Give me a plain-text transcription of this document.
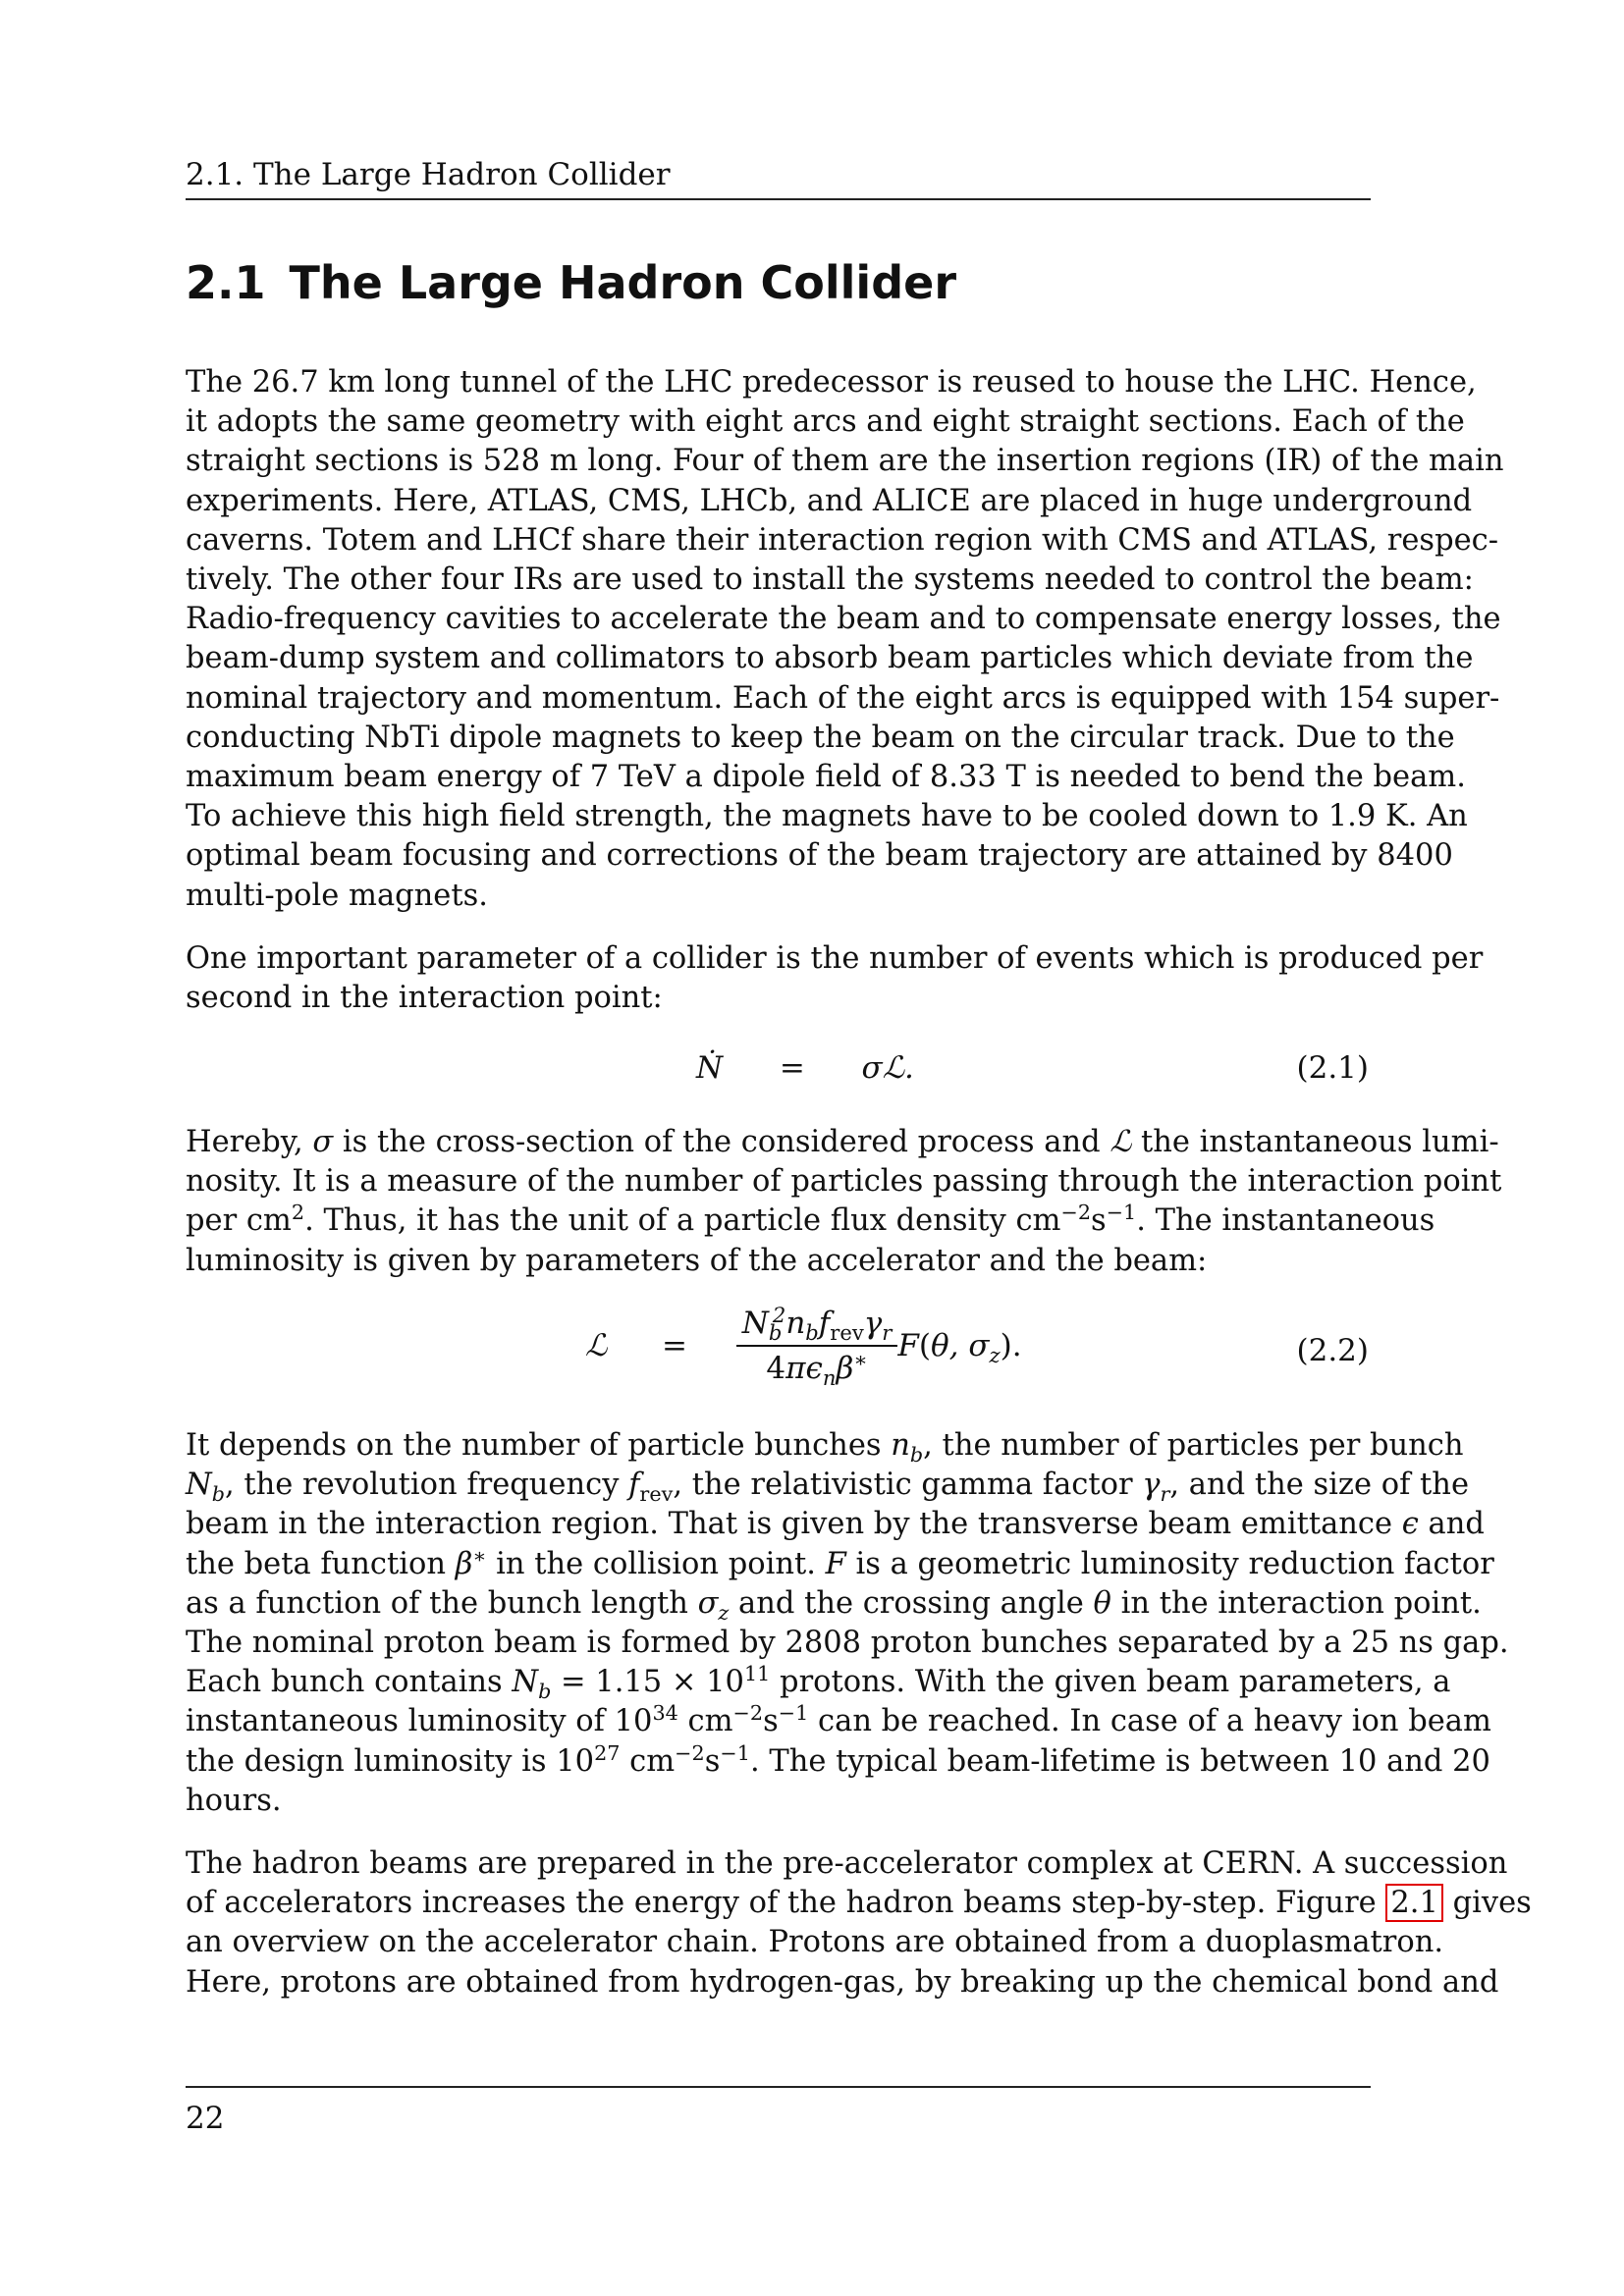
2.1. The Large Hadron Collider
2.1 The Large Hadron Collider
The 26.7 km long tunnel of the LHC predecessor is reused to house the LHC. Hence,
it adopts the same geometry with eight arcs and eight straight sections. Each of the
straight sections is 528 m long. Four of them are the insertion regions (IR) of the main
experiments. Here, ATLAS, CMS, LHCb, and ALICE are placed in huge underground
caverns. Totem and LHCf share their interaction region with CMS and ATLAS, respec-
tively. The other four IRs are used to install the systems needed to control the beam:
Radio-frequency cavities to accelerate the beam and to compensate energy losses, the
beam-dump system and collimators to absorb beam particles which deviate from the
nominal trajectory and momentum. Each of the eight arcs is equipped with 154 super-
conducting NbTi dipole magnets to keep the beam on the circular track. Due to the
maximum beam energy of 7 TeV a dipole field of 8.33 T is needed to bend the beam.
To achieve this high field strength, the magnets have to be cooled down to 1.9 K. An
optimal beam focusing and corrections of the beam trajectory are attained by 8400
multi-pole magnets.
One important parameter of a collider is the number of events which is produced per
second in the interaction point:
Ṅ = σℒ.	(2.1)
Hereby, σ is the cross-section of the considered process and ℒ the instantaneous lumi-
nosity. It is a measure of the number of particles passing through the interaction point
per $cm^2$. Thus, it has the unit of a particle flux density $cm^{-2}s^{-1}$. The instantaneous
luminosity is given by parameters of the accelerator and the beam:
ℒ = $\frac{N_b^2n_bf_{rev}\gamma_r}{4\pi\epsilon_n\beta^∗} F(\theta$, $\sigma_z$).	(2.2)
It depends on the number of particle bunches $n_b$, the number of particles per bunch
$N_b$, the revolution frequency $f_{rev}$, the relativistic gamma factor $\gamma_r$, and the size of the
beam in the interaction region. That is given by the transverse beam emittance ϵ and
the beta function β∗ in the collision point. F is a geometric luminosity reduction factor
as a function of the bunch length $\sigma_z$ and the crossing angle θ in the interaction point.
The nominal proton beam is formed by 2808 proton bunches separated by a 25 ns gap.
Each bunch contains $N_b = 1.15 \times 10^{11}$ protons. With the given beam parameters, a
instantaneous luminosity of $10^{34}$ $cm^{-2}s^{-1}$ can be reached. In case of a heavy ion beam
the design luminosity is $10^{27}$ $cm^{-2}s^{-1}$. The typical beam-lifetime is between 10 and 20
hours.
The hadron beams are prepared in the pre-accelerator complex at CERN. A succession
of accelerators increases the energy of the hadron beams step-by-step. Figure 2.1 gives
an overview on the accelerator chain. Protons are obtained from a duoplasmatron.
Here, protons are obtained from hydrogen-gas, by breaking up the chemical bond and
22
